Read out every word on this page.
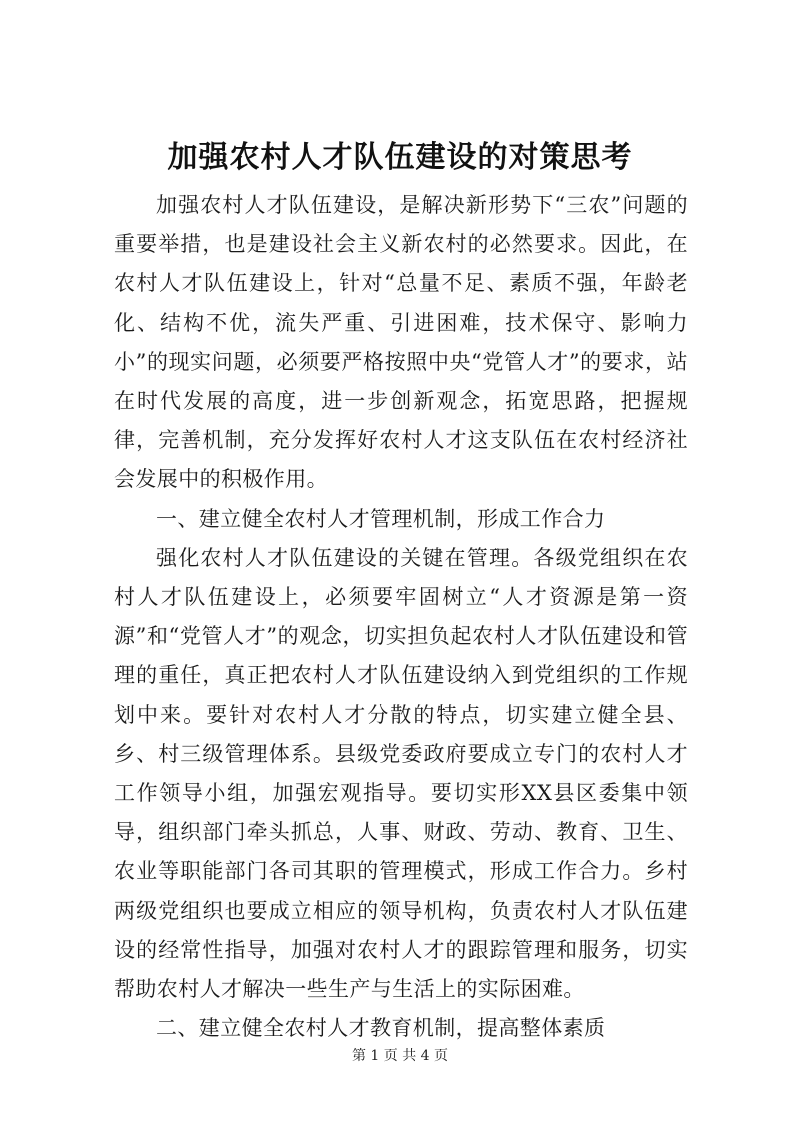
加强农村人才队伍建设的对策思考

加强农村人才队伍建设，是解决新形势下“三农”问题的重要举措，也是建设社会主义新农村的必然要求。因此，在农村人才队伍建设上，针对“总量不足、素质不强，年龄老化、结构不优，流失严重、引进困难，技术保守、影响力小”的现实问题，必须要严格按照中央“党管人才”的要求，站在时代发展的高度，进一步创新观念，拓宽思路，把握规律，完善机制，充分发挥好农村人才这支队伍在农村经济社会发展中的积极作用。

一、建立健全农村人才管理机制，形成工作合力

强化农村人才队伍建设的关键在管理。各级党组织在农村人才队伍建设上，必须要牢固树立“人才资源是第一资源”和“党管人才”的观念，切实担负起农村人才队伍建设和管理的重任，真正把农村人才队伍建设纳入到党组织的工作规划中来。要针对农村人才分散的特点，切实建立健全县、乡、村三级管理体系。县级党委政府要成立专门的农村人才工作领导小组，加强宏观指导。要切实形XX县区委集中领导，组织部门牵头抓总，人事、财政、劳动、教育、卫生、农业等职能部门各司其职的管理模式，形成工作合力。乡村两级党组织也要成立相应的领导机构，负责农村人才队伍建设的经常性指导，加强对农村人才的跟踪管理和服务，切实帮助农村人才解决一些生产与生活上的实际困难。

二、建立健全农村人才教育机制，提高整体素质

第 1 页 共 4 页
